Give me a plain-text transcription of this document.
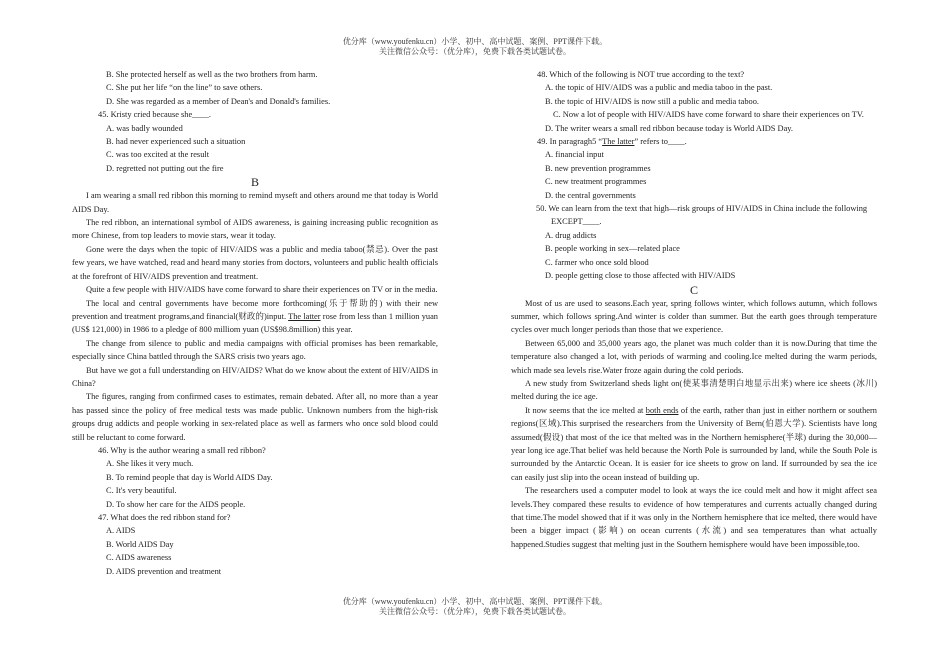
优分库（www.youfenku.cn）小学、初中、高中试题、案例、PPT课件下载。
关注微信公众号：（优分库），免费下载各类试题试卷。
B. She protected herself as well as the two brothers from harm.
C. She put her life “on the line” to save others.
D. She was regarded as a member of Dean's and Donald's families.
45. Kristy cried because she____.
A. was badly wounded
B. had never experienced such a situation
C. was too excited at the result
D. regretted not putting out the fire
B
I am wearing a small red ribbon this morning to remind myseft and others around me that today is World AIDS Day.
The red ribbon, an international symbol of AIDS awareness, is gaining increasing public recognition as more Chinese, from top leaders to movie stars, wear it today.
Gone were the days when the topic of HIV/AIDS was a public and media taboo(禁忌). Over the past few years, we have watched, read and heard many stories from doctors, volunteers and public health officials at the forefront of HIV/AIDS prevention and treatment.
Quite a few people with HIV/AIDS have come forward to share their experiences on TV or in the media.
The local and central governments have become more forthcoming(乐于帮助的) with their new prevention and treatment programs,and financial(财政的)input. The latter rose from less than 1 million yuan (US$ 121,000) in 1986 to a pledge of 800 milliom yuan (US$98.8million) this year.
The change from silence to public and media campaigns with official promises has been remarkable, especially since China battled through the SARS crisis two years ago.
But have we got a full understanding on HIV/AIDS? What do we know about the extent of HIV/AIDS in China?
The figures, ranging from confirmed cases to estimates, remain debated. After all, no more than a year has passed since the policy of free medical tests was made public. Unknown numbers from the high-risk groups drug addicts and people working in sex-related place as well as farmers who once sold blood could still be reluctant to come forward.
46. Why is the author wearing a small red ribbon?
A. She likes it very much.
B. To remind people that day is World AIDS Day.
C. It's very beautiful.
D. To show her care for the AIDS people.
47. What does the red ribbon stand for?
A. AIDS
B. World AIDS Day
C. AIDS awareness
D. AIDS prevention and treatment
48. Which of the following is NOT true according to the text?
A. the topic of HIV/AIDS was a public and media taboo in the past.
B. the topic of HIV/AIDS is now still a public and media taboo.
C. Now a lot of people with HIV/AIDS have come forward to share their experiences on TV.
D. The writer wears a small red ribbon because today is World AIDS Day.
49. In paragragh5 “The latter” refers to____.
A. financial input
B. new prevention programmes
C. new treatment programmes
D. the central governments
50. We can learn from the text that high—risk groups of HIV/AIDS in China include the following EXCEPT____.
A. drug addicts
B. people working in sex—related place
C. farmer who once sold blood
D. people getting close to those affected with HIV/AIDS
C
Most of us are used to seasons.Each year, spring follows winter, which follows autumn, which follows summer, which follows spring.And winter is colder than summer. But the earth goes through temperature cycles over much longer periods than those that we experience.
Between 65,000 and 35,000 years ago, the planet was much colder than it is now.During that time the temperature also changed a lot, with periods of warming and cooling.Ice melted during the warm periods, which made sea levels rise.Water froze again during the cold periods.
A new study from Switzerland sheds light on(使某事清楚明白地显示出来) where ice sheets (冰川) melted during the ice age.
It now seems that the ice melted at both ends of the earth, rather than just in either northern or southern regions(区域).This surprised the researchers from the University of Bern(伯恩大学). Scientists have long assumed(假设) that most of the ice that melted was in the Northern hemisphere(半球) during the 30,000—year long ice age.That belief was held because the North Pole is surrounded by land, while the South Pole is surrounded by the Antarctic Ocean. It is easier for ice sheets to grow on land. If surrounded by sea the ice can easily just slip into the ocean instead of building up.
The researchers used a computer model to look at ways the ice could melt and how it might affect sea levels.They compared these results to evidence of how temperatures and currents actually changed during that time.The model showed that if it was only in the Northern hemisphere that ice melted, there would have been a bigger impact (影响) on ocean currents (水流) and sea temperatures than what actually happened.Studies suggest that melting just in the Southern hemisphere would have been impossible,too.
优分库（www.youfenku.cn）小学、初中、高中试题、案例、PPT课件下载。
关注微信公众号：（优分库），免费下载各类试题试卷。
